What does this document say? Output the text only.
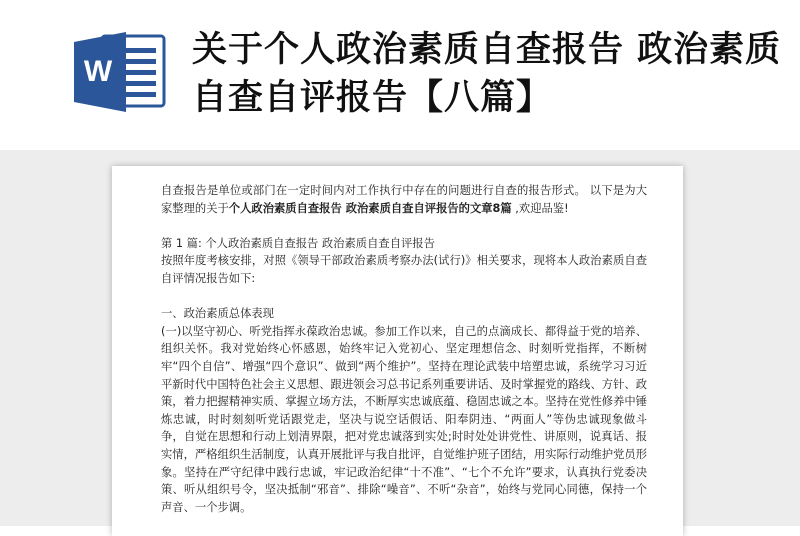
W
关于个人政治素质自查报告 政治素质自查自评报告【八篇】

自查报告是单位或部门在一定时间内对工作执行中存在的问题进行自查的报告形式。 以下是为大家整理的关于个人政治素质自查报告 政治素质自查自评报告的文章8篇 ,欢迎品鉴!

第 1 篇: 个人政治素质自查报告 政治素质自查自评报告

按照年度考核安排，对照《领导干部政治素质考察办法(试行)》相关要求，现将本人政治素质自查自评情况报告如下:

一、政治素质总体表现

(一)以坚守初心、听党指挥永葆政治忠诚。参加工作以来，自己的点滴成长、都得益于党的培养、组织关怀。我对党始终心怀感恩，始终牢记入党初心、坚定理想信念、时刻听党指挥，不断树牢“四个自信”、增强“四个意识”、做到“两个维护”。坚持在理论武装中培塑忠诚，系统学习习近平新时代中国特色社会主义思想、跟进领会习总书记系列重要讲话、及时掌握党的路线、方针、政策，着力把握精神实质、掌握立场方法，不断厚实忠诚底蕴、稳固忠诚之本。坚持在党性修养中锤炼忠诚，时时刻刻听党话跟党走，坚决与说空话假话、阳奉阴违、“两面人”等伪忠诚现象做斗争，自觉在思想和行动上划清界限，把对党忠诚落到实处;时时处处讲党性、讲原则，说真话、报实情，严格组织生活制度，认真开展批评与我自批评，自觉维护班子团结，用实际行动维护党员形象。坚持在严守纪律中践行忠诚，牢记政治纪律“十不准”、“七个不允许”要求，认真执行党委决策、听从组织号令，坚决抵制“邪音”、排除“噪音”、不听“杂音”，始终与党同心同德，保持一个声音、一个步调。
